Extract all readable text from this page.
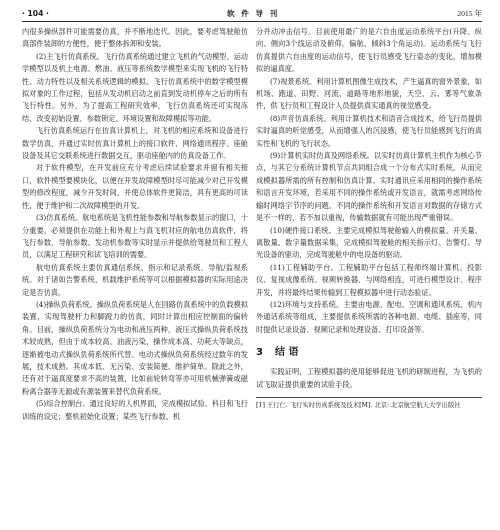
· 104 ·	软 件 导 刊	2015 年

内很多操纵部件可能需要仿真，并不断地迭代。因此，要考虑驾驶舱仿真部件装卸的方便性，便于整体拆卸和安装。

(2)主飞行仿真系统。飞行仿真系统通过建立飞机的气动模型、运动学模型以及机上电源、燃油、液压等系统数学模型来实现飞机的飞行特性、动力特性以及相关系统逻辑的模拟。飞行仿真系统中的数学模型模拟对象的工作过程，包括从发动机启动之前直到发动机停车之后的所有飞行特性。另外，为了提高工程研究效率，飞行仿真系统还可实现冻结、改变初始设置、参数锁定、环境设置和故障模拟等功能。

飞行仿真系统运行在仿真计算机上，对飞机的相应系统和设备进行数学仿真，并通过实时仿真计算机上的接口软件、网络通讯程序、座舱设备及其它交联系统进行数据交互，驱动座舱内的仿真设备工作。

对于软件模型，在开发前应充分考虑后续试验要求并留有相关接口，软件模型要模块化，以便在开发故障模型时尽可能减少对已开发模型的修改程度，减少开发时间，并使总体软件更简洁，具有更高的可读性，便于维护和二次故障模型的开发。

(3)仿真系统。航电系统是飞机性能参数和导航参数显示的窗口，十分重要，必须提供在功能上和外观上与真飞机对应的航电仿真软件，将飞行参数、导航参数、发动机参数等实时显示并提供给驾驶员和工程人员，以满足工程研究和试飞培训的需要。

航电仿真系统主要仿真通信系统、指示和记录系统、导航/监视系统。对于诸如告警系统、机载维护系统等可以根据模拟器的实际用途决定是否仿真。

(4)操纵负荷系统。操纵负荷系统是人在回路仿真系统中的负载模拟装置，实现驾驶杆力和脚蹬力的仿真，同时计算出相应控制面的偏转角。目前，操纵负荷系统分为电动和液压两种，液压式操纵负荷系统技术较成熟，但由于成本较高、油液污染、操作成本高、功耗大等缺点，逐渐被电动式操纵负荷系统所代替。电动式操纵负荷系统经过数年的发展，技术成熟。其成本低、无污染、安装简便、维护简单。除此之外，还有对于逼真度要求不高的装置，比如前轮转弯等亦可用机械弹簧或磁粉离合器等无源或有源装置来替代负荷系统。

(5)综合控制台。通过良好的人机界面，完成模拟试验、科目和飞行训练的设定；整机初始化设置；某些飞行参数、机

分并动冲击信号。目前使用最广的是六自由度运动系统平台(升降、纵向、侧向3个线运动及俯仰、偏航、倾斜3个角运动)。运动系统与飞行仿真提供六自由度的运动信号，使飞行员感受飞行姿态的变化，增加模拟的逼真度。

(7)视景系统。利用计算机图像生成技术，产生逼真的窗外景象，如机场、跑道、田野、河流、道路等地形地貌，天空、云、雾等气象条件，供飞行员和工程设计人员提供真实通真的视觉感受。

(8)声音仿真系统。利用计算机技术和语音合成技术，给飞行员提供实时逼真的听觉感受，从而增强人的沉浸感，使飞行员能感到飞行的真实性和飞机的飞行状态。

(9)计算机实时仿真及网络系统。以实时仿真计算机主机作为核心节点，与其它分系统计算机节点共同组合成一个分布式实时系统，从而完成模拟器所需的所有控制和仿真计算。实时通讯应采用相同的操作系统和语言开发环境，若采用不同的操作系统或开发语言，就需考虑网络传输时网络字节序的问题。不同的操作系统和开发语言对数据的存储方式是不一样的，若不加以重视，传输数据就有可能出现严重错误。

(10)硬件接口系统。主要完成模拟驾驶舱输入的模拟量、开关量、离散量、数字量数据采集，完成模拟驾驶舱的相关指示灯、告警灯、导光设备的驱动，完成驾驶舱中的电设备的驱动。

(11)工程辅助平台。工程辅助平台包括工程师终端计算机、投影仪、复视成像系统、视频转换器、与网络相连，可进行模型设计、程序开发，并将最终结果传输到工程模拟器中进行动态验证。

(12)环境与支持系统。主要由电源、配电、空调和通风系统、机内外通话系统等组成，主要提供系统所需的各种电源、电缆、插座等，同时提供记录设备、视频记录和处理设备、打印设备等。

3 结 语

实践证明，工程模拟器的使用能够促进飞机的研制进程，为飞机的试飞取证提供重要的试验手段。

[1] 王行仁. 飞行实时仿真系统及技术[M]. 北京: 北京航空航天大学出版社
